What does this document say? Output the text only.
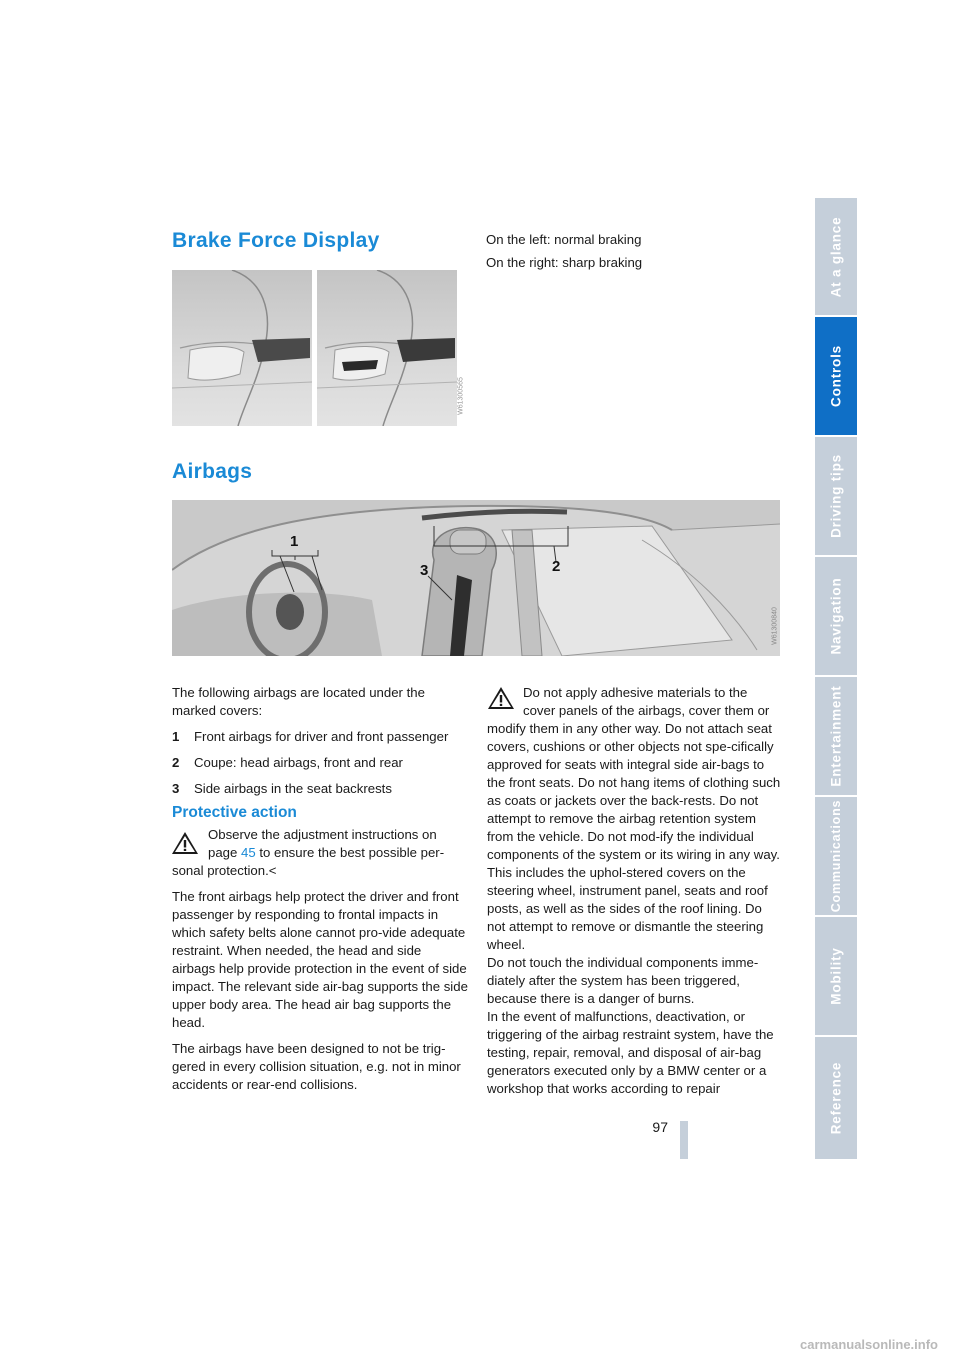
At a glance
Controls
Driving tips
Navigation
Entertainment
Communications
Mobility
Reference
Brake Force Display
W61300565

On the left: normal braking

On the right: sharp braking

Airbags
1
2
3
W61300840

The following airbags are located under the marked covers:

1 Front airbags for driver and front passenger

2 Coupe: head airbags, front and rear

3 Side airbags in the seat backrests

Protective action
Observe the adjustment instructions on
page 45 to ensure the best possible per-
sonal protection.<

The front airbags help protect the driver and front passenger by responding to frontal impacts in which safety belts alone cannot pro-vide adequate restraint. When needed, the head and side airbags help provide protection in the event of side impact. The relevant side air-bag supports the side upper body area. The head air bag supports the head.

The airbags have been designed to not be trig-gered in every collision situation, e.g. not in minor accidents or rear-end collisions.

Do not apply adhesive materials to the
cover panels of the airbags, cover them or
modify them in any other way. Do not attach seat covers, cushions or other objects not spe-cifically approved for seats with integral side air-bags to the front seats. Do not hang items of clothing such as coats or jackets over the back-rests. Do not attempt to remove the airbag retention system from the vehicle. Do not mod-ify the individual components of the system or its wiring in any way. This includes the uphol-stered covers on the steering wheel, instrument panel, seats and roof posts, as well as the sides of the roof lining. Do not attempt to remove or dismantle the steering wheel.
Do not touch the individual components imme-diately after the system has been triggered, because there is a danger of burns.
In the event of malfunctions, deactivation, or triggering of the airbag restraint system, have the testing, repair, removal, and disposal of air-bag generators executed only by a BMW center or a workshop that works according to repair
97
carmanualsonline.info
